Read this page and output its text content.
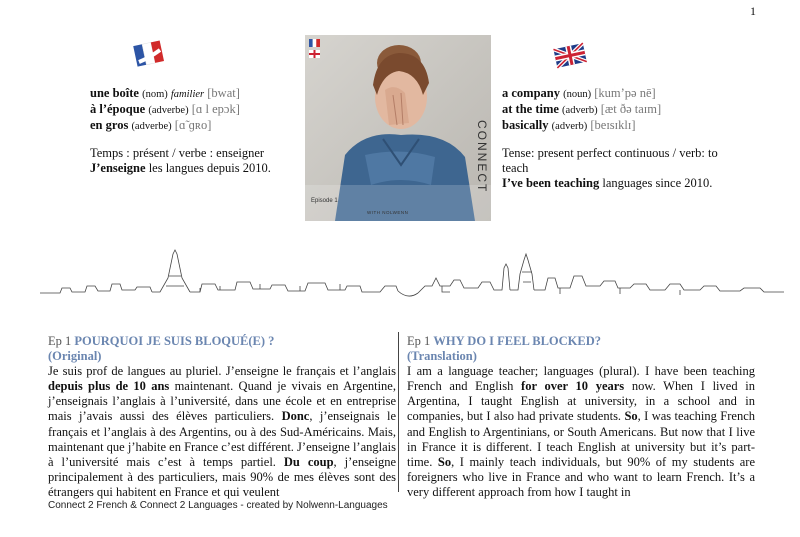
1
une boîte (nom) familier [bwat]
à l’époque (adverbe) [ɑ l epɔk]
en gros (adverbe) [ɑ̃ ɡʀo]
Temps : présent / verbe : enseigner
J’enseigne les langues depuis 2010.	CONNECT
Episode 1
WITH NOLWENN
a company (noun) [kum’pə nē]
at the time (adverb) [æt ðə taɪm]
basically (adverb) [beɪsɪklɪ]
Tense: present perfect continuous / verb: to teach
I’ve been teaching languages since 2010.
Ep 1 POURQUOI JE SUIS BLOQUÉ(E) ?
(Original)
Je suis prof de langues au pluriel. J’enseigne le français et l’anglais depuis plus de 10 ans maintenant. Quand je vivais en Argentine, j’enseignais l’anglais à l’université, dans une école et en entreprise mais j’avais aussi des élèves particuliers. Donc, j’enseignais le français et l’anglais à des Argentins, ou à des Sud-Américains. Mais, maintenant que j’habite en France c’est différent. J’enseigne l’anglais à l’université mais c’est à temps partiel. Du coup, j’enseigne principalement à des particuliers, mais 90% de mes élèves sont des étrangers qui habitent en France et qui veulent
Ep 1 WHY DO I FEEL BLOCKED?
(Translation)
I am a language teacher; languages (plural). I have been teaching French and English for over 10 years now. When I lived in Argentina, I taught English at university, in a school and in companies, but I also had private students. So, I was teaching French and English to Argentinians, or South Americans. But now that I live in France it is different. I teach English at university but it’s part-time. So, I mainly teach individuals, but 90% of my students are foreigners who live in France and who want to learn French. It’s a very different approach from how I taught in
Connect 2 French & Connect 2 Languages - created by Nolwenn-Languages
